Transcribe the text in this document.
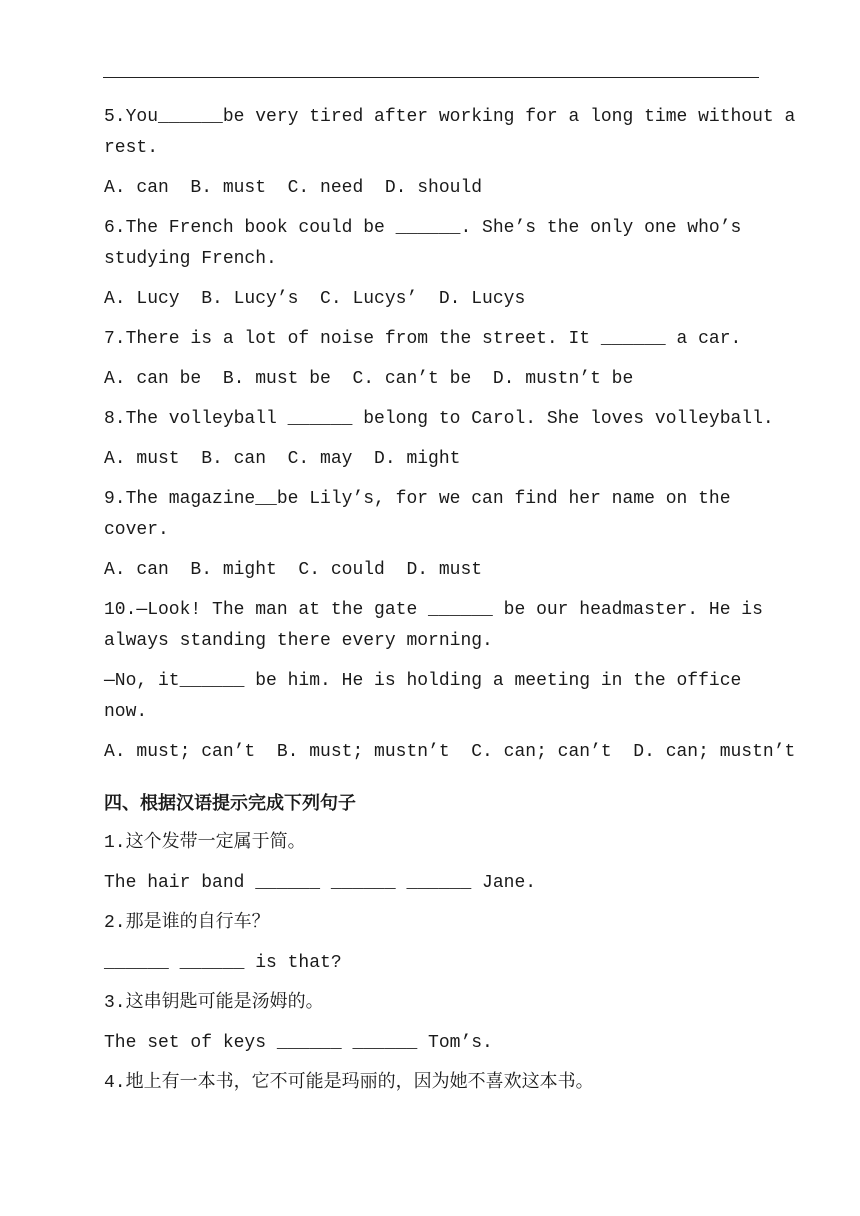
5.You______be very tired after working for a long time without a

rest.

A. can  B. must  C. need  D. should

6.The French book could be ______. She’s the only one who’s

studying French.

A. Lucy  B. Lucy’s  C. Lucys’  D. Lucys

7.There is a lot of noise from the street. It ______ a car.

A. can be  B. must be  C. can’t be  D. mustn’t be

8.The volleyball ______ belong to Carol. She loves volleyball.

A. must  B. can  C. may  D. might

9.The magazine__be Lily’s, for we can find her name on the

cover.

A. can  B. might  C. could  D. must

10.—Look! The man at the gate ______ be our headmaster. He is

always standing there every morning.

—No, it______ be him. He is holding a meeting in the office

now.

A. must; can’t  B. must; mustn’t  C. can; can’t  D. can; mustn’t

四、根据汉语提示完成下列句子

1.这个发带一定属于简。

The hair band ______ ______ ______ Jane.

2.那是谁的自行车？

______ ______ is that?

3.这串钥匙可能是汤姆的。

The set of keys ______ ______ Tom’s.

4.地上有一本书，它不可能是玛丽的，因为她不喜欢这本书。
